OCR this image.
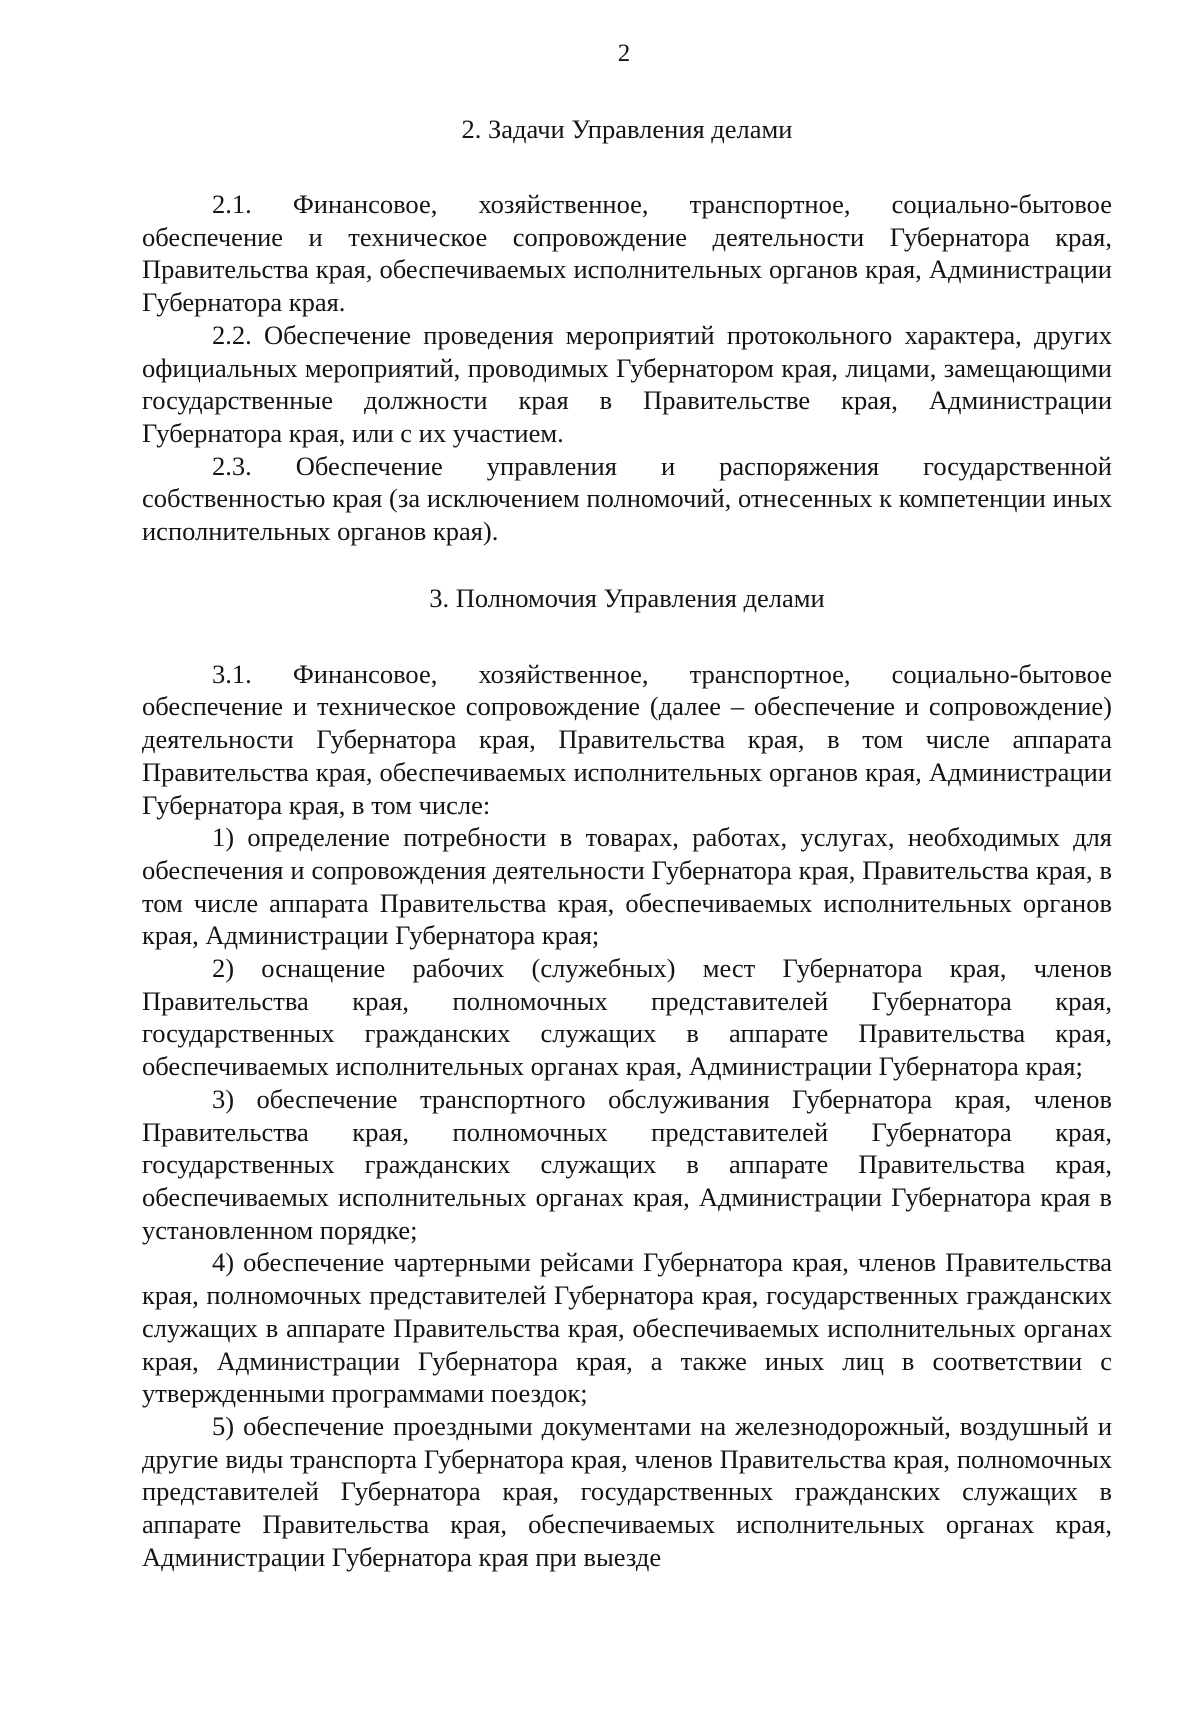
2
2. Задачи Управления делами

2.1. Финансовое, хозяйственное, транспортное, социально-бытовое обеспечение и техническое сопровождение деятельности Губернатора края, Правительства края, обеспечиваемых исполнительных органов края, Администрации Губернатора края.

2.2. Обеспечение проведения мероприятий протокольного характера, других официальных мероприятий, проводимых Губернатором края, лицами, замещающими государственные должности края в Правительстве края, Администрации Губернатора края, или с их участием.

2.3. Обеспечение управления и распоряжения государственной собственностью края (за исключением полномочий, отнесенных к компетенции иных исполнительных органов края).

3. Полномочия Управления делами

3.1. Финансовое, хозяйственное, транспортное, социально-бытовое обеспечение и техническое сопровождение (далее – обеспечение и сопровождение) деятельности Губернатора края, Правительства края, в том числе аппарата Правительства края, обеспечиваемых исполнительных органов края, Администрации Губернатора края, в том числе:

1) определение потребности в товарах, работах, услугах, необходимых для обеспечения и сопровождения деятельности Губернатора края, Правительства края, в том числе аппарата Правительства края, обеспечиваемых исполнительных органов края, Администрации Губернатора края;

2) оснащение рабочих (служебных) мест Губернатора края, членов Правительства края, полномочных представителей Губернатора края, государственных гражданских служащих в аппарате Правительства края, обеспечиваемых исполнительных органах края, Администрации Губернатора края;

3) обеспечение транспортного обслуживания Губернатора края, членов Правительства края, полномочных представителей Губернатора края, государственных гражданских служащих в аппарате Правительства края, обеспечиваемых исполнительных органах края, Администрации Губернатора края в установленном порядке;

4) обеспечение чартерными рейсами Губернатора края, членов Правительства края, полномочных представителей Губернатора края, государственных гражданских служащих в аппарате Правительства края, обеспечиваемых исполнительных органах края, Администрации Губернатора края, а также иных лиц в соответствии с утвержденными программами поездок;

5) обеспечение проездными документами на железнодорожный, воздушный и другие виды транспорта Губернатора края, членов Правительства края, полномочных представителей Губернатора края, государственных гражданских служащих в аппарате Правительства края, обеспечиваемых исполнительных органах края, Администрации Губернатора края при выезде
